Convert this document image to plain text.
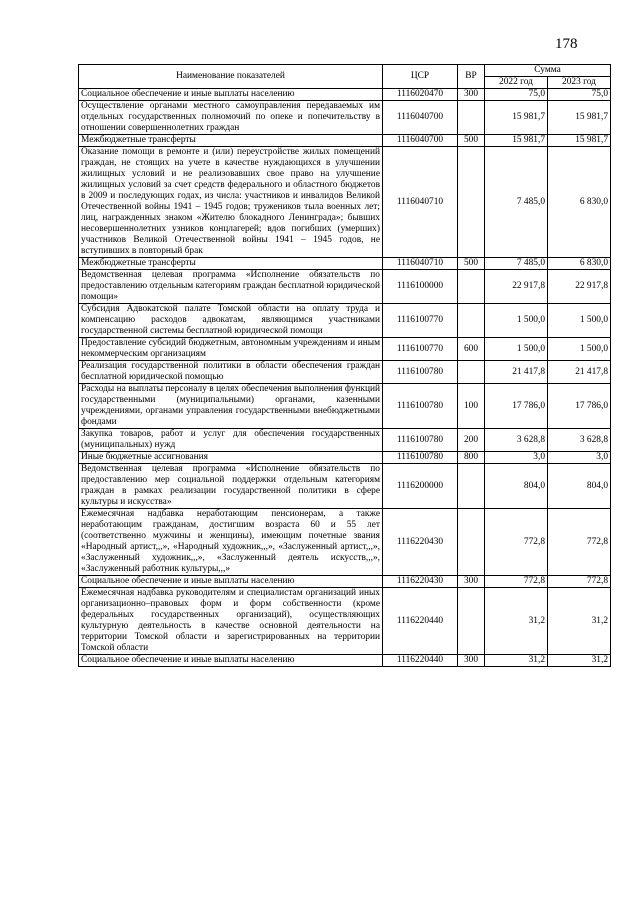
178
Наименование показателей	ЦСР	ВР	Сумма	
			2022 год	2023 год
Социальное обеспечение и иные выплаты населению	1116020470	300	75,0	75,0
Осуществление органами местного самоуправления передаваемых им отдельных государственных полномочий по опеке и попечительству в отношении совершеннолетних граждан	1116040700		15 981,7	15 981,7
Межбюджетные трансферты	1116040700	500	15 981,7	15 981,7
Оказание помощи в ремонте и (или) переустройстве жилых помещений граждан, не стоящих на учете в качестве нуждающихся в улучшении жилищных условий и не реализовавших свое право на улучшение жилищных условий за счет средств федерального и областного бюджетов в 2009 и последующих годах, из числа: участников и инвалидов Великой Отечественной войны 1941 – 1945 годов; тружеников тыла военных лет; лиц, награжденных знаком «Жителю блокадного Ленинграда»; бывших несовершеннолетних узников концлагерей; вдов погибших (умерших) участников Великой Отечественной войны 1941 – 1945 годов, не вступивших в повторный брак	1116040710		7 485,0	6 830,0
Межбюджетные трансферты	1116040710	500	7 485,0	6 830,0
Ведомственная целевая программа «Исполнение обязательств по предоставлению отдельным категориям граждан бесплатной юридической помощи»	1116100000		22 917,8	22 917,8
Субсидия Адвокатской палате Томской области на оплату труда и компенсацию расходов адвокатам, являющимся участниками государственной системы бесплатной юридической помощи	1116100770		1 500,0	1 500,0
Предоставление субсидий бюджетным, автономным учреждениям и иным некоммерческим организациям	1116100770	600	1 500,0	1 500,0
Реализация государственной политики в области обеспечения граждан бесплатной юридической помощью	1116100780		21 417,8	21 417,8
Расходы на выплаты персоналу в целях обеспечения выполнения функций государственными (муниципальными) органами, казенными учреждениями, органами управления государственными внебюджетными фондами	1116100780	100	17 786,0	17 786,0
Закупка товаров, работ и услуг для обеспечения государственных (муниципальных) нужд	1116100780	200	3 628,8	3 628,8
Иные бюджетные ассигнования	1116100780	800	3,0	3,0
Ведомственная целевая программа «Исполнение обязательств по предоставлению мер социальной поддержки отдельным категориям граждан в рамках реализации государственной политики в сфере культуры и искусства»	1116200000		804,0	804,0
Ежемесячная надбавка неработающим пенсионерам, а также неработающим гражданам, достигшим возраста 60 и 55 лет (соответственно мужчины и женщины), имеющим почетные звания «Народный артист,,,», «Народный художник,,,», «Заслуженный артист,,,», «Заслуженный художник,,,», «Заслуженный деятель искусств,,,», «Заслуженный работник культуры,,,»	1116220430		772,8	772,8
Социальное обеспечение и иные выплаты населению	1116220430	300	772,8	772,8
Ежемесячная надбавка руководителям и специалистам организаций иных организационно–правовых форм и форм собственности (кроме федеральных государственных организаций), осуществляющих культурную деятельность в качестве основной деятельности на территории Томской области и зарегистрированных на территории Томской области	1116220440		31,2	31,2
Социальное обеспечение и иные выплаты населению	1116220440	300	31,2	31,2
